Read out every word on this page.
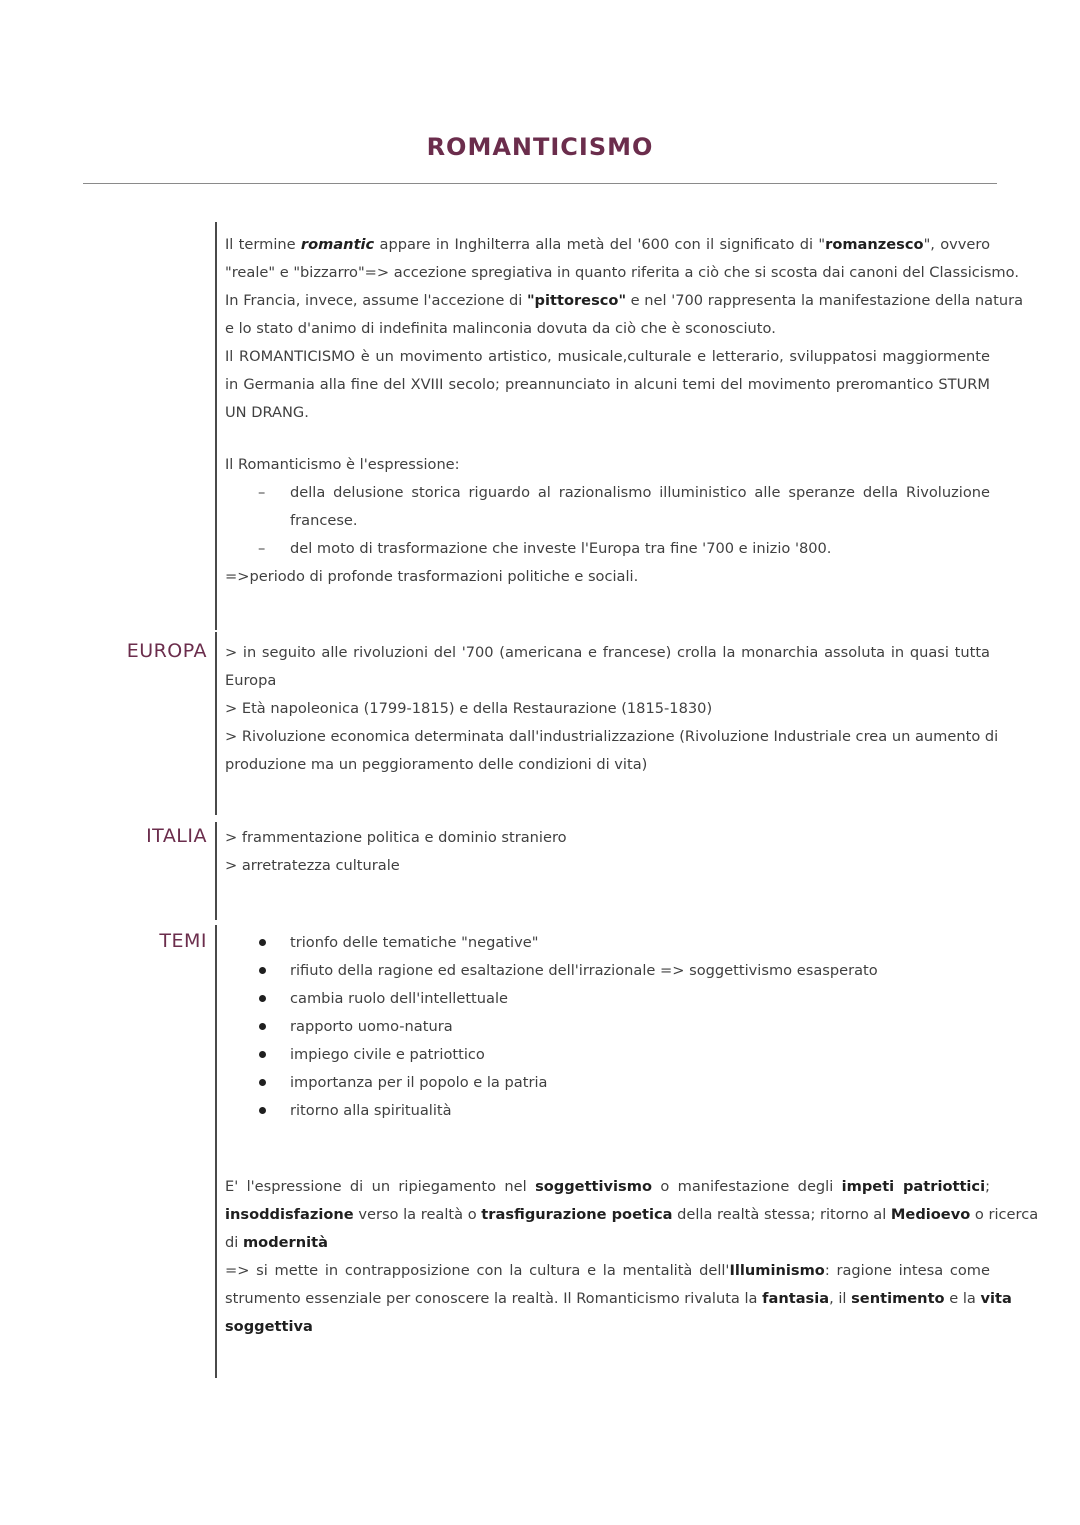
ROMANTICISMO
EUROPA
ITALIA
TEMI
Il termine romantic appare in Inghilterra alla metà del '600 con il significato di "romanzesco", ovvero
"reale" e "bizzarro"=> accezione spregiativa in quanto riferita a ciò che si scosta dai canoni del Classicismo.
In Francia, invece, assume l'accezione di "pittoresco" e nel '700 rappresenta la manifestazione della natura
e lo stato d'animo di indefinita malinconia dovuta da ciò che è sconosciuto.
Il ROMANTICISMO è un movimento artistico, musicale,culturale e letterario, sviluppatosi maggiormente
in Germania alla fine del XVIII secolo; preannunciato in alcuni temi del movimento preromantico STURM
UN DRANG.
Il Romanticismo è l'espressione:
– della delusione storica riguardo al razionalismo illuministico alle speranze della Rivoluzione
francese.
– del moto di trasformazione che investe l'Europa tra fine '700 e inizio '800.
=>periodo di profonde trasformazioni politiche e sociali.
> in seguito alle rivoluzioni del '700 (americana e francese) crolla la monarchia assoluta in quasi tutta
Europa
> Età napoleonica (1799-1815) e della Restaurazione (1815-1830)
> Rivoluzione economica determinata dall'industrializzazione (Rivoluzione Industriale crea un aumento di
produzione ma un peggioramento delle condizioni di vita)
> frammentazione politica e dominio straniero
> arretratezza culturale
trionfo delle tematiche "negative"
rifiuto della ragione ed esaltazione dell'irrazionale => soggettivismo esasperato
cambia ruolo dell'intellettuale
rapporto uomo-natura
impiego civile e patriottico
importanza per il popolo e la patria
ritorno alla spiritualità
E' l'espressione di un ripiegamento nel soggettivismo o manifestazione degli impeti patriottici;
insoddisfazione verso la realtà o trasfigurazione poetica della realtà stessa; ritorno al Medioevo o ricerca
di modernità
=> si mette in contrapposizione con la cultura e la mentalità dell'Illuminismo: ragione intesa come
strumento essenziale per conoscere la realtà. Il Romanticismo rivaluta la fantasia, il sentimento e la vita
soggettiva
